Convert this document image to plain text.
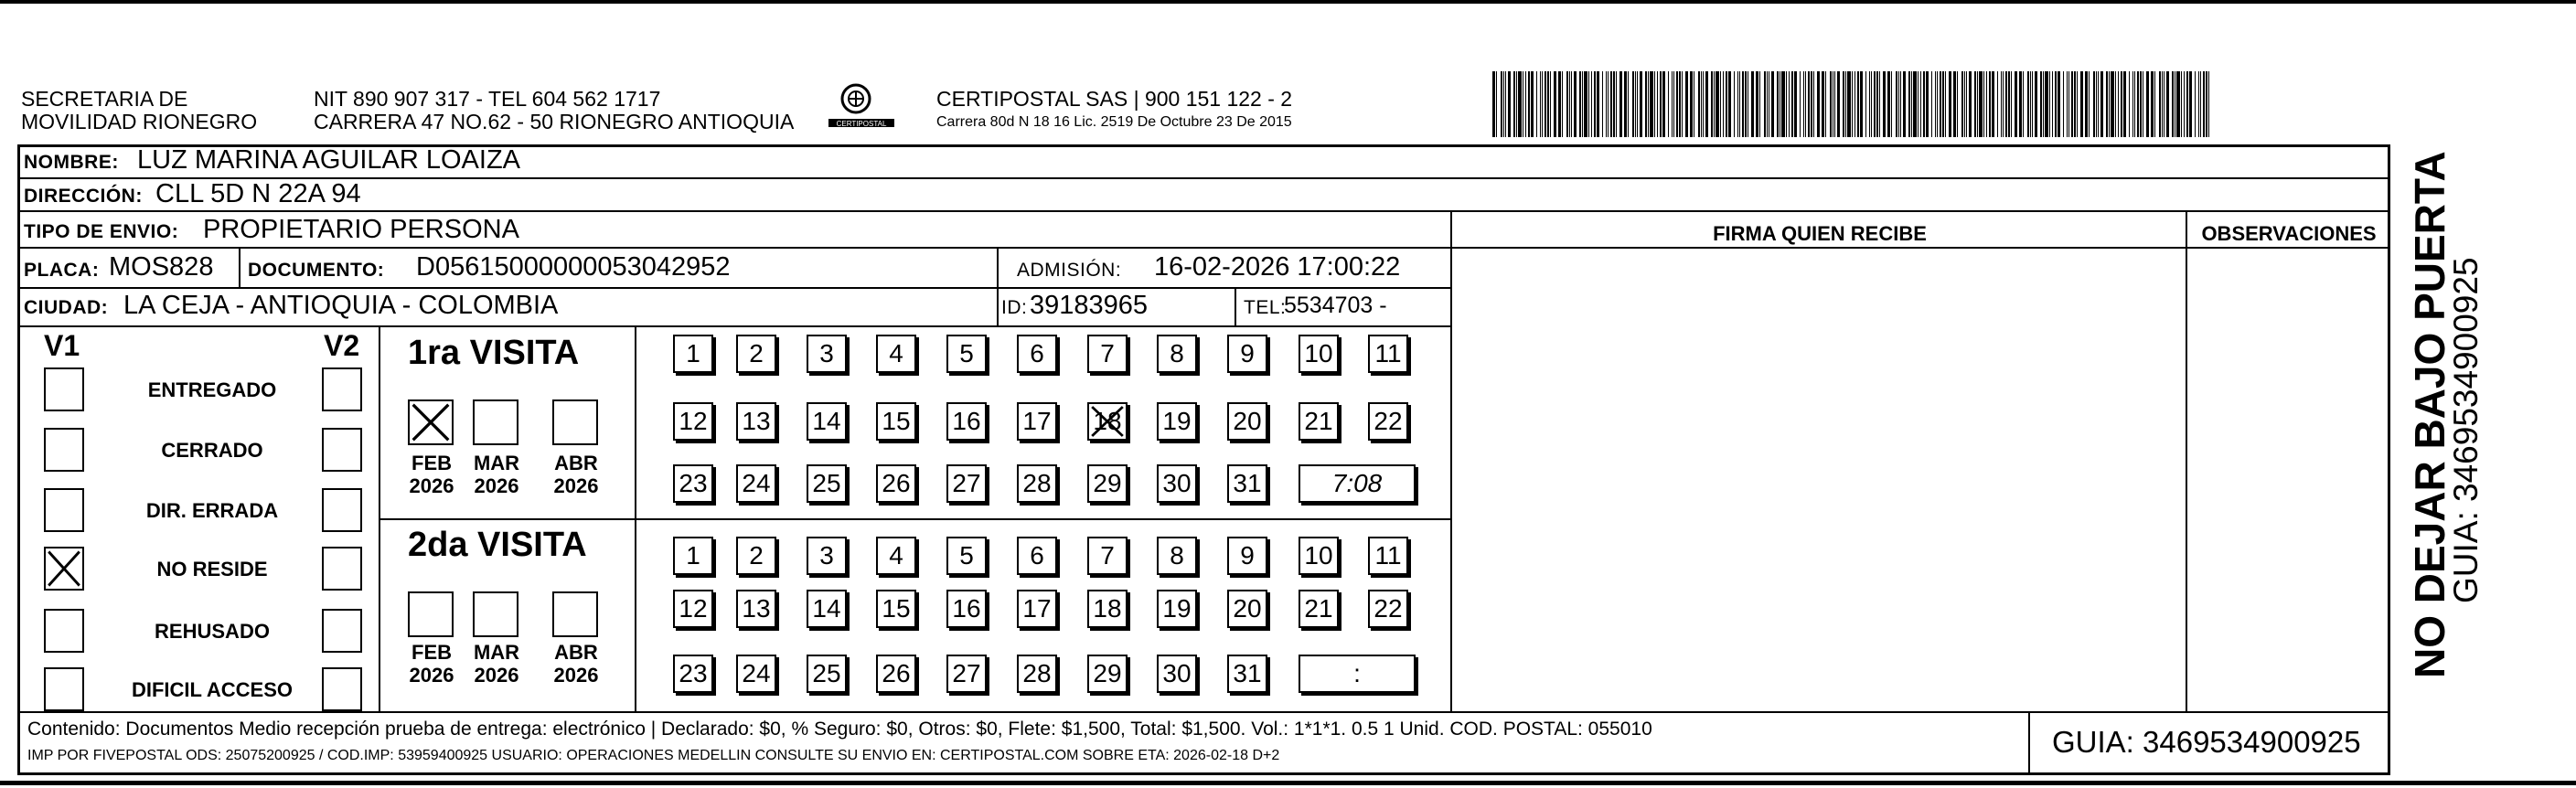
SECRETARIA DE
MOVILIDAD RIONEGRO
NIT 890 907 317 - TEL 604 562 1717
CARRERA 47 NO.62 - 50 RIONEGRO ANTIOQUIA	CERTIPOSTAL
CERTIPOSTAL SAS | 900 151 122 - 2
Carrera 80d N 18 16 Lic. 2519 De Octubre 23 De 2015
NOMBRE: LUZ MARINA AGUILAR LOAIZA
DIRECCIÓN: CLL 5D N 22A 94
TIPO DE ENVIO: PROPIETARIO PERSONA	FIRMA QUIEN RECIBE	OBSERVACIONES
PLACA: MOS828 DOCUMENTO: D05615000000053042952	ADMISIÓN: 16-02-2026 17:00:22
CIUDAD: LA CEJA - ANTIOQUIA - COLOMBIA	ID: 39183965	TEL:
5534703 -
V1	V2
ENTREGADO
CERRADO
DIR. ERRADA
NO RESIDE
REHUSADO
DIFICIL ACCESO
1ra VISITA
FEB
2026
MAR
2026
ABR
2026
1	2	3	4	5	6	7	8	9	10 11
12 13 14 15 16 17 18 19 20 21 22
23 24 25 26 27 28 29 30 31	7:08
2da VISITA
FEB
2026
MAR
2026
ABR
2026
1	2	3	4	5	6	7	8	9	10 11
12 13 14 15 16 17 18 19 20 21 22
23 24 25 26 27 28 29 30 31	:
Contenido: Documentos Medio recepción prueba de entrega: electrónico | Declarado: $0, % Seguro: $0, Otros: $0, Flete: $1,500, Total: $1,500. Vol.: 1*1*1. 0.5 1 Unid. COD. POSTAL: 055010
IMP POR FIVEPOSTAL ODS: 25075200925 / COD.IMP: 53959400925 USUARIO: OPERACIONES MEDELLIN CONSULTE SU ENVIO EN: CERTIPOSTAL.COM SOBRE ETA: 2026-02-18 D+2	GUIA: 3469534900925
NO DEJAR BAJO PUERTA
GUIA: 3469534900925
